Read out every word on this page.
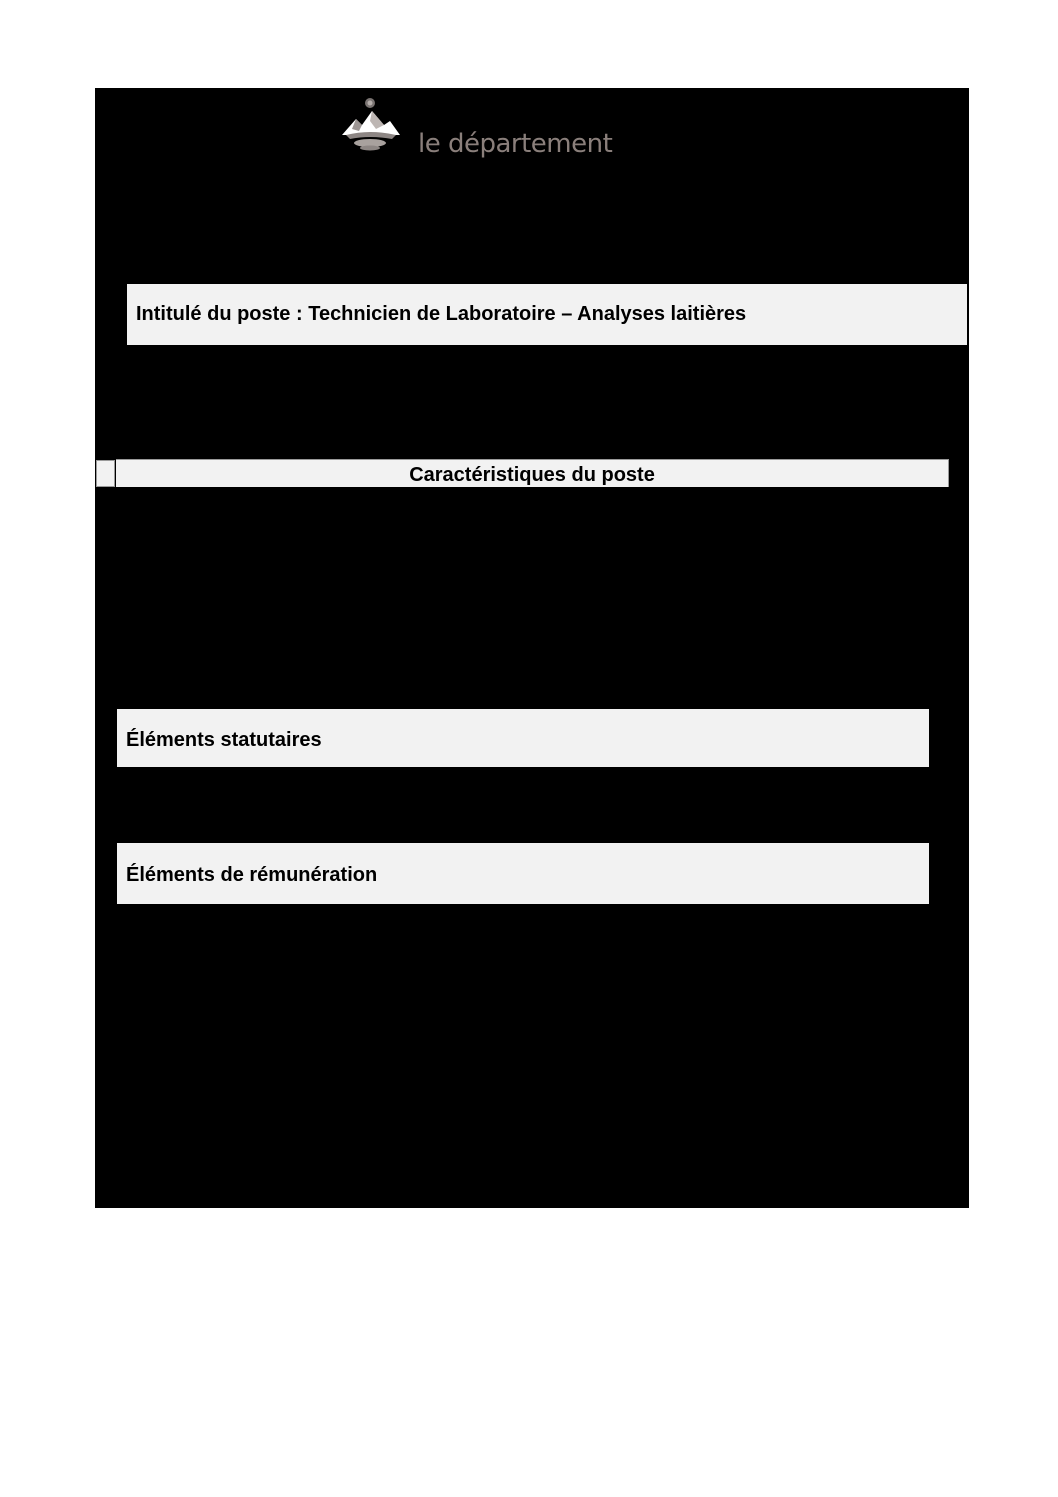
le département
Intitulé du poste : Technicien de Laboratoire – Analyses laitières
Caractéristiques du poste
Éléments statutaires
Éléments de rémunération
